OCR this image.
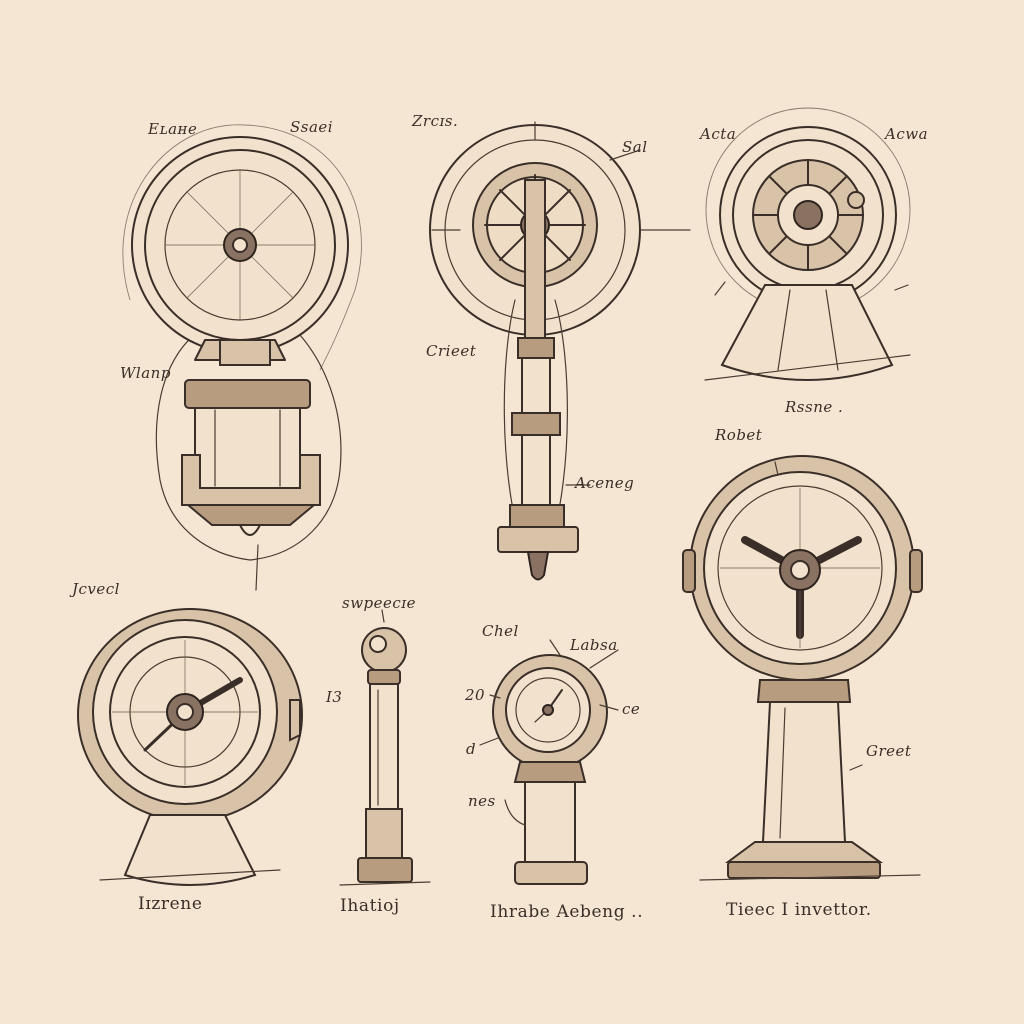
Eʟaʜe	Ssaei	Zrcɪs.
Sal
Acta	Acwa
Wlanp
Crieet
Aceneg
Rssne .
Robet
Jcvecl
swpeecɪe
I3
Chel
Labsa
20
d
nes
ce
Greet
Iɪzrene	Ihatioj	Ihrabe Aebeng ..	Tieec I invettor.
